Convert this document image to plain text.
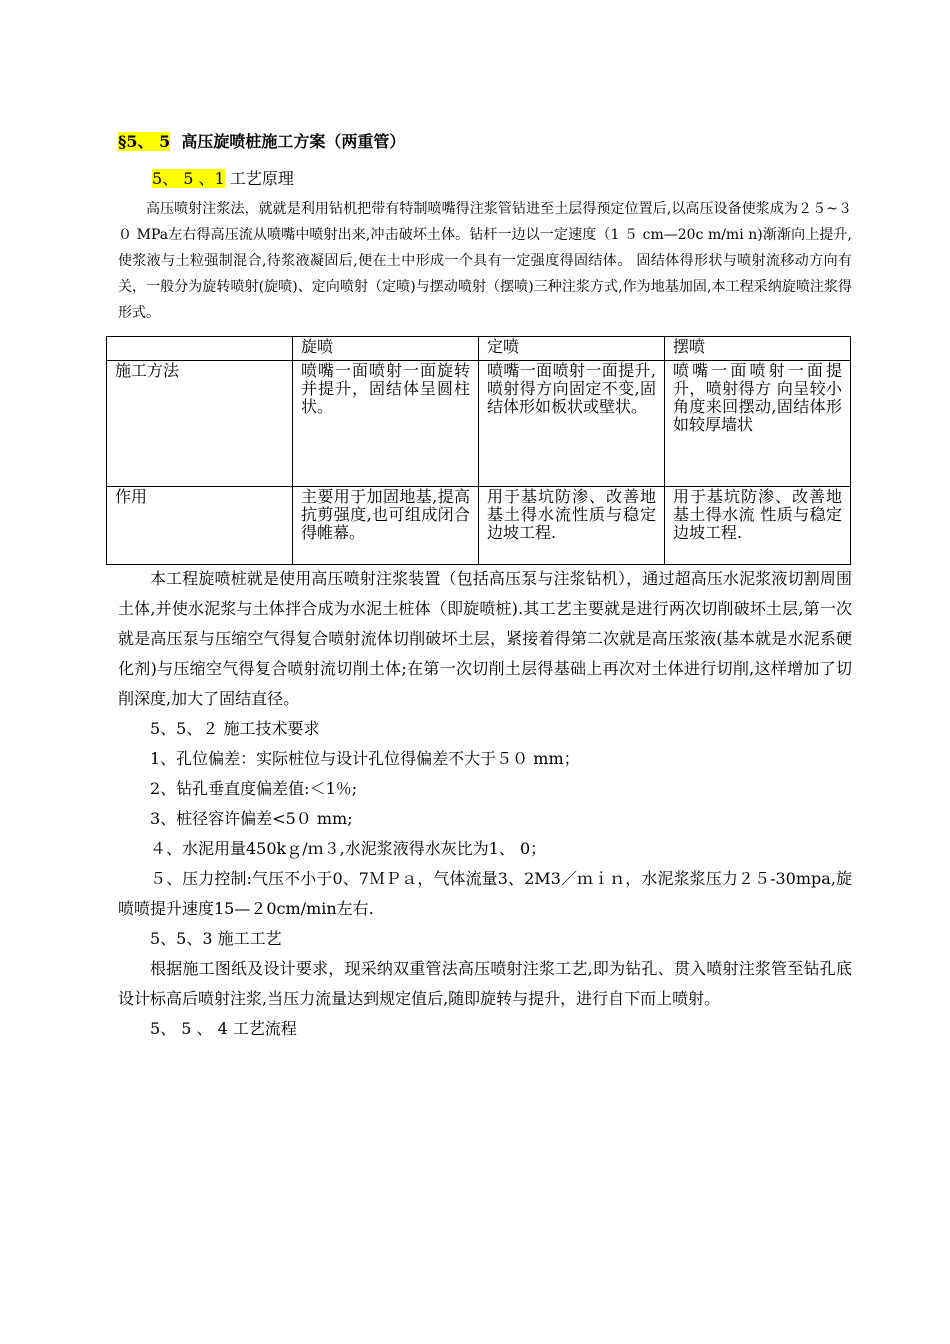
§5、 5 高压旋喷桩施工方案（两重管）
5、 5 、1 工艺原理
高压喷射注浆法，就就是利用钻机把带有特制喷嘴得注浆管钻进至土层得预定位置后,以高压设备使浆成为２５~３０ MPa左右得高压流从喷嘴中喷射出来,冲击破坏土体。钻杆一边以一定速度（1 ５ cm—20c m/mi n)渐渐向上提升,使浆液与土粒强制混合,待浆液凝固后,便在土中形成一个具有一定强度得固结体。 固结体得形状与喷射流移动方向有关，一般分为旋转喷射(旋喷)、定向喷射（定喷)与摆动喷射（摆喷)三种注浆方式,作为地基加固,本工程采纳旋喷注浆得形式。
	旋喷	定喷	摆喷
施工方法	喷嘴一面喷射一面旋转并提升，固结体呈圆柱状。	喷嘴一面喷射一面提升,喷射得方向固定不变,固结体形如板状或壁状。	喷嘴一面喷射一面提升，喷射得方 向呈较小角度来回摆动,固结体形 如较厚墙状
作用	主要用于加固地基,提高抗剪强度,也可组成闭合得帷幕。	用于基坑防渗、改善地基土得水流性质与稳定边坡工程.	用于基坑防渗、改善地基土得水流 性质与稳定边坡工程.

本工程旋喷桩就是使用高压喷射注浆装置（包括高压泵与注浆钻机），通过超高压水泥浆液切割周围土体,并使水泥浆与土体拌合成为水泥土桩体（即旋喷桩).其工艺主要就是进行两次切削破坏土层,第一次就是高压泵与压缩空气得复合喷射流体切削破坏土层，紧接着得第二次就是高压浆液(基本就是水泥系硬化剂)与压缩空气得复合喷射流切削土体;在第一次切削土层得基础上再次对土体进行切削,这样增加了切削深度,加大了固结直径。

5、5、２ 施工技术要求

1、孔位偏差：实际桩位与设计孔位得偏差不大于５０ mm；

2、钻孔垂直度偏差值:＜1％;

3、桩径容许偏差<5０ mm;

４、水泥用量450kｇ/ｍ３,水泥浆液得水灰比为1、 0；

５、压力控制:气压不小于0、7ＭＰａ，气体流量3、2M3／ｍｉｎ，水泥浆浆压力２５-30mpa,旋喷喷提升速度15—２0cm/min左右.

5、5、3 施工工艺

根据施工图纸及设计要求，现采纳双重管法高压喷射注浆工艺,即为钻孔、贯入喷射注浆管至钻孔底设计标高后喷射注浆,当压力流量达到规定值后,随即旋转与提升，进行自下而上喷射。

5、 5 、 4 工艺流程
